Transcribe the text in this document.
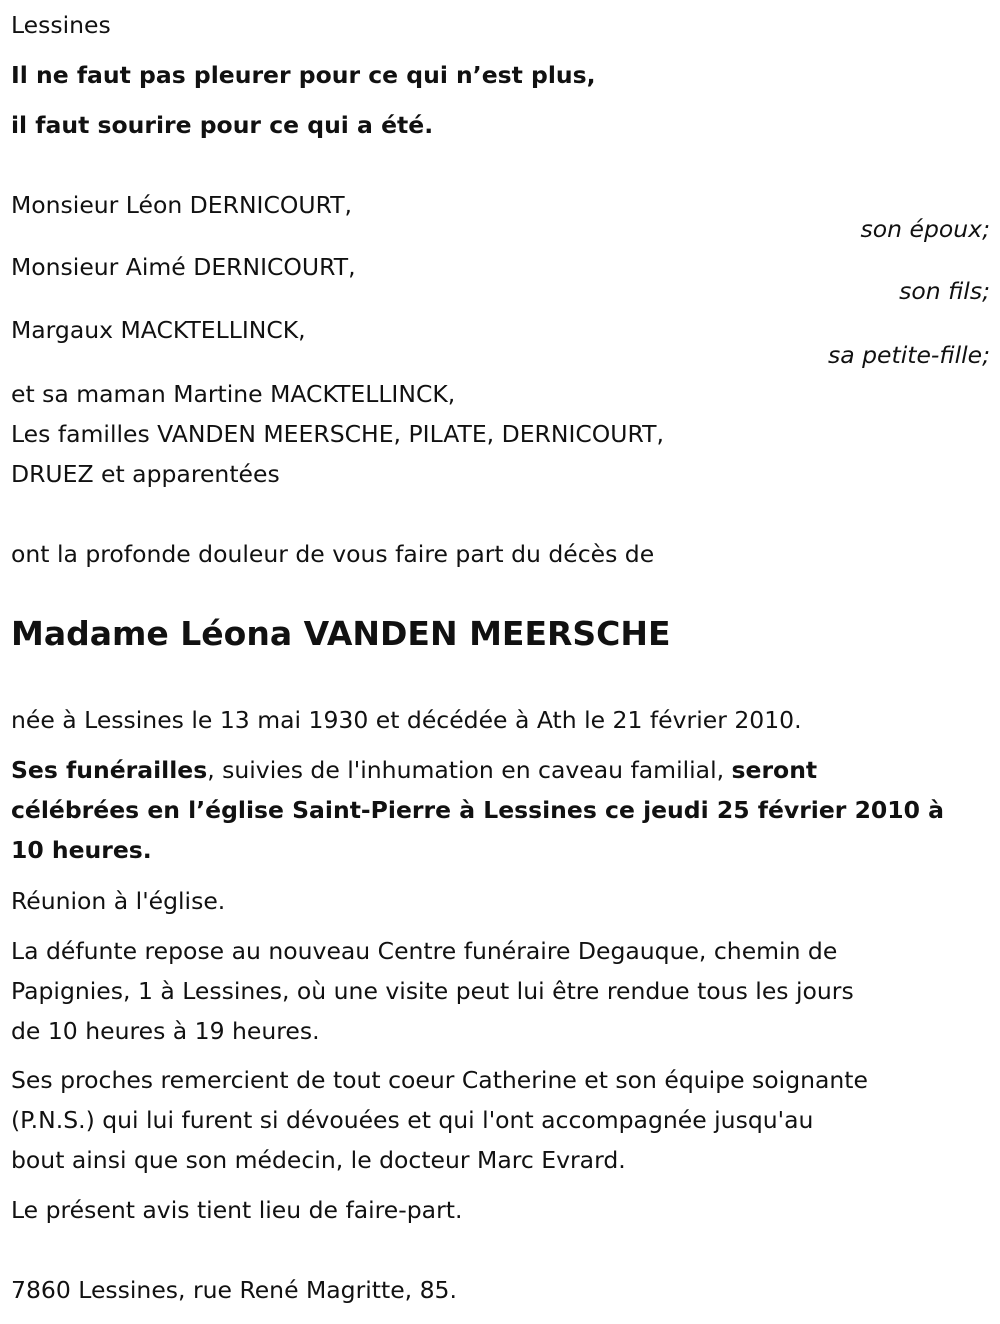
Lessines
Il ne faut pas pleurer pour ce qui n’est plus,
il faut sourire pour ce qui a été.
Monsieur Léon DERNICOURT,
son époux;
Monsieur Aimé DERNICOURT,
son fils;
Margaux MACKTELLINCK,
sa petite-fille;
et sa maman Martine MACKTELLINCK,
Les familles VANDEN MEERSCHE, PILATE, DERNICOURT,
DRUEZ et apparentées
ont la profonde douleur de vous faire part du décès de
Madame Léona VANDEN MEERSCHE
née à Lessines le 13 mai 1930 et décédée à Ath le 21 février 2010.
Ses funérailles, suivies de l'inhumation en caveau familial, seront
célébrées en l’église Saint-Pierre à Lessines ce jeudi 25 février 2010 à
10 heures.
Réunion à l'église.
La défunte repose au nouveau Centre funéraire Degauque, chemin de
Papignies, 1 à Lessines, où une visite peut lui être rendue tous les jours
de 10 heures à 19 heures.
Ses proches remercient de tout coeur Catherine et son équipe soignante
(P.N.S.) qui lui furent si dévouées et qui l'ont accompagnée jusqu'au
bout ainsi que son médecin, le docteur Marc Evrard.
Le présent avis tient lieu de faire-part.
7860 Lessines, rue René Magritte, 85.
